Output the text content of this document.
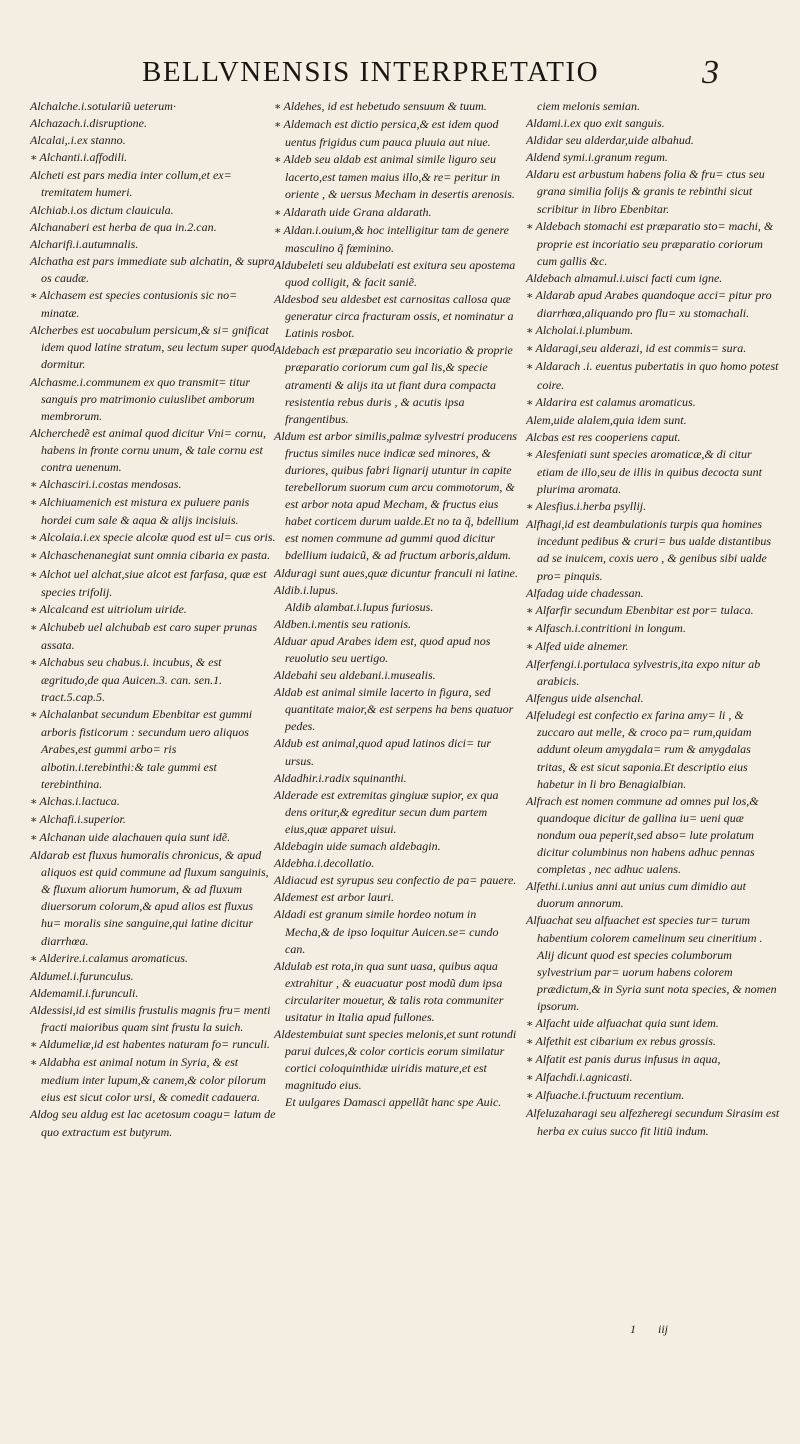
BELLVNENSIS INTERPRETATIO	3

Alchalche.i.sotulariũ ueterum·

Alchazach.i.disruptione.

Alcalai,.i.ex stanno.

∗ Alchanti.i.affodili.

Alcheti est pars media inter collum,et ex= tremitatem humeri.

Alchiab.i.os dictum clauicula.

Alchanaberi est herba de qua in.2.can.

Alcharifi.i.autumnalis.

Alchatha est pars immediate sub alchatin, & supra os caudæ.

∗ Alchasem est species contusionis sic no= minatæ.

Alcherbes est uocabulum persicum,& si= gnificat idem quod latine stratum, seu lectum super quod dormitur.

Alchasme.i.communem ex quo transmit= titur sanguis pro matrimonio cuiuslibet amborum membrorum.

Alcherchedẽ est animal quod dicitur Vni= cornu, habens in fronte cornu unum, & tale cornu est contra uenenum.

∗ Alchasciri.i.costas mendosas.

∗ Alchiuamenich est mistura ex puluere panis hordei cum sale & aqua & alijs incisiuis.

∗ Alcolaia.i.ex specie alcolæ quod est ul= cus oris.

∗ Alchaschenanegiat sunt omnia cibaria ex pasta.

∗ Alchot uel alchat,siue alcot est farfasa, quæ est species trifolij.

∗ Alcalcand est uitriolum uiride.

∗ Alchubeb uel alchubab est caro super prunas assata.

∗ Alchabus seu chabus.i. incubus, & est ægritudo,de qua Auicen.3. can. sen.1. tract.5.cap.5.

∗ Alchalanbat secundum Ebenbitar est gummi arboris fisticorum : secundum uero aliquos Arabes,est gummi arbo= ris albotin.i.terebinthi:& tale gummi est terebinthina.

∗ Alchas.i.lactuca.

∗ Alchafi.i.superior.

∗ Alchanan uide alachauen quia sunt idẽ.

Aldarab est fluxus humoralis chronicus, & apud aliquos est quid commune ad fluxum sanguinis, & fluxum aliorum humorum, & ad fluxum diuersorum colorum,& apud alios est fluxus hu= moralis sine sanguine,qui latine dicitur diarrhœa.

∗ Alderire.i.calamus aromaticus.

Aldumel.i.furunculus.

Aldemamil.i.furunculi.

Aldessisi,id est similis frustulis magnis fru= menti fracti maioribus quam sint frustu la suich.

∗ Aldumeliæ,id est habentes naturam fo= runculi.

∗ Aldabha est animal notum in Syria, & est medium inter lupum,& canem,& color pilorum eius est sicut color ursi, & comedit cadauera.

Aldog seu aldug est lac acetosum coagu= latum de quo extractum est butyrum.

∗ Aldehes, id est hebetudo sensuum & tuum.

∗ Aldemach est dictio persica,& est idem quod uentus frigidus cum pauca pluuia aut niue.

∗ Aldeb seu aldab est animal simile liguro seu lacerto,est tamen maius illo,& re= peritur in oriente , & uersus Mecham in desertis arenosis.

∗ Aldarath uide Grana aldarath.

∗ Aldan.i.ouium,& hoc intelligitur tam de genere masculino q̃ fœminino.

Aldubeleti seu aldubelati est exitura seu apostema quod colligit, & facit saniẽ.

Aldesbod seu aldesbet est carnositas callosa quæ generatur circa fracturam ossis, et nominatur a Latinis rosbot.

Aldebach est præparatio seu incoriatio & proprie præparatio coriorum cum gal lis,& specie atramenti & alijs ita ut fiant dura compacta resistentia rebus duris , & acutis ipsa frangentibus.

Aldum est arbor similis,palmæ sylvestri producens fructus similes nuce indicæ sed minores, & duriores, quibus fabri lignarij utuntur in capite terebellorum suorum cum arcu commotorum, & est arbor nota apud Mecham, & fructus eius habet corticem durum ualde.Et no ta q̃, bdellium est nomen commune ad gummi quod dicitur bdellium iudaicũ, & ad fructum arboris,aldum.

Alduragi sunt aues,quæ dicuntur franculi ni latine.

Aldib.i.lupus.

Aldib alambat.i.lupus furiosus.

Aldben.i.mentis seu rationis.

Alduar apud Arabes idem est, quod apud nos reuolutio seu uertigo.

Aldebahi seu aldebani.i.musealis.

Aldab est animal simile lacerto in figura, sed quantitate maior,& est serpens ha bens quatuor pedes.

Aldub est animal,quod apud latinos dici= tur ursus.

Aldadhir.i.radix squinanthi.

Alderade est extremitas gingiuæ supior, ex qua dens oritur,& egreditur secun dum partem eius,quæ apparet uisui.

Aldebagin uide sumach aldebagin.

Aldebha.i.decollatio.

Aldiacud est syrupus seu confectio de pa= pauere.

Aldemest est arbor lauri.

Aldadi est granum simile hordeo notum in Mecha,& de ipso loquitur Auicen.se= cundo can.

Aldulab est rota,in qua sunt uasa, quibus aqua extrahitur , & euacuatur post modũ dum ipsa circulariter mouetur, & talis rota communiter usitatur in Italia apud fullones.

Aldestembuiat sunt species melonis,et sunt rotundi parui dulces,& color corticis eorum similatur cortici coloquinthidæ uiridis mature,et est magnitudo eius.

Et uulgares Damasci appellãt hanc spe Auic.

ciem melonis semian.

Aldami.i.ex quo exit sanguis.

Aldidar seu alderdar,uide albahud.

Aldend symi.i.granum regum.

Aldaru est arbustum habens folia & fru= ctus seu grana similia folijs & granis te rebinthi sicut scribitur in libro Ebenbitar.

∗ Aldebach stomachi est præparatio sto= machi, & proprie est incoriatio seu præparatio coriorum cum gallis &c.

Aldebach almamul.i.uisci facti cum igne.

∗ Aldarab apud Arabes quandoque acci= pitur pro diarrhœa,aliquando pro flu= xu stomachali.

∗ Alcholai.i.plumbum.

∗ Aldaragi,seu alderazi, id est commis= sura.

∗ Aldarach .i. euentus pubertatis in quo homo potest coire.

∗ Aldarira est calamus aromaticus.

Alem,uide alalem,quia idem sunt.

Alcbas est res cooperiens caput.

∗ Alesfeniati sunt species aromaticæ,& di citur etiam de illo,seu de illis in quibus decocta sunt plurima aromata.

∗ Alesfius.i.herba psyllij.

Alfhagi,id est deambulationis turpis qua homines incedunt pedibus & cruri= bus ualde distantibus ad se inuicem, coxis uero , & genibus sibi ualde pro= pinquis.

Alfadag uide chadessan.

∗ Alfarfir secundum Ebenbitar est por= tulaca.

∗ Alfasch.i.contritioni in longum.

∗ Alfed uide alnemer.

Alferfengi.i.portulaca sylvestris,ita expo nitur ab arabicis.

Alfengus uide alsenchal.

Alfeludegi est confectio ex farina amy= li , & zuccaro aut melle, & croco pa= rum,quidam addunt oleum amygdala= rum & amygdalas tritas, & est sicut saponia.Et descriptio eius habetur in li bro Benagialbian.

Alfrach est nomen commune ad omnes pul los,& quandoque dicitur de gallina iu= ueni quæ nondum oua peperit,sed abso= lute prolatum dicitur columbinus non habens adhuc pennas completas , nec adhuc ualens.

Alfethi.i.unius anni aut unius cum dimidio aut duorum annorum.

Alfuachat seu alfuachet est species tur= turum habentium colorem camelinum seu cineritium . Alij dicunt quod est species columborum sylvestrium par= uorum habens colorem prædictum,& in Syria sunt nota species, & nomen ipsorum.

∗ Alfacht uide alfuachat quia sunt idem.

∗ Alfethit est cibarium ex rebus grossis.

∗ Alfatit est panis durus infusus in aqua,

∗ Alfachdi.i.agnicasti.

∗ Alfuache.i.fructuum recentium.

Alfeluzaharagi seu alfezheregi secundum Sirasim est herba ex cuius succo fit litiũ indum.

1 iij
